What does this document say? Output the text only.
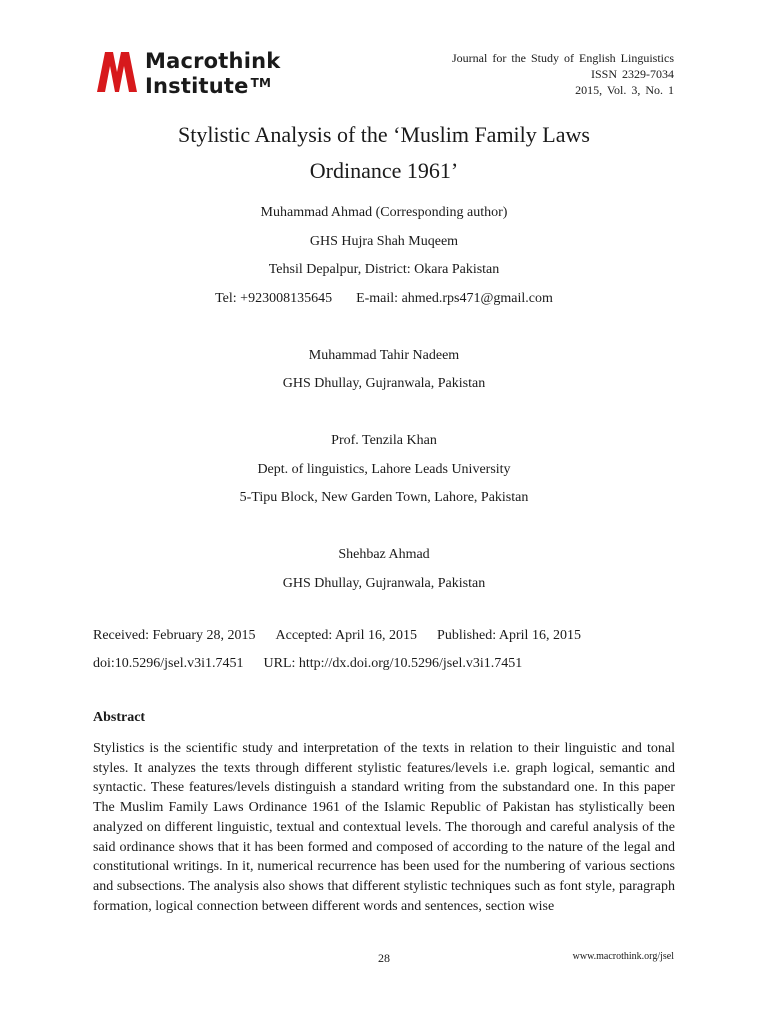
Macrothink
Institute ™
Journal for the Study of English Linguistics
ISSN 2329-7034
2015, Vol. 3, No. 1
Stylistic Analysis of the ‘Muslim Family Laws
Ordinance 1961’
Muhammad Ahmad (Corresponding author)
GHS Hujra Shah Muqeem
Tehsil Depalpur, District: Okara Pakistan
Tel: +923008135645 E-mail: ahmed.rps471@gmail.com
Muhammad Tahir Nadeem
GHS Dhullay, Gujranwala, Pakistan
Prof. Tenzila Khan
Dept. of linguistics, Lahore Leads University
5-Tipu Block, New Garden Town, Lahore, Pakistan
Shehbaz Ahmad
GHS Dhullay, Gujranwala, Pakistan
Received: February 28, 2015 Accepted: April 16, 2015 Published: April 16, 2015
doi:10.5296/jsel.v3i1.7451 URL: http://dx.doi.org/10.5296/jsel.v3i1.7451
Abstract
Stylistics is the scientific study and interpretation of the texts in relation to their linguistic and tonal styles. It analyzes the texts through different stylistic features/levels i.e. graph logical, semantic and syntactic. These features/levels distinguish a standard writing from the substandard one. In this paper The Muslim Family Laws Ordinance 1961 of the Islamic Republic of Pakistan has stylistically been analyzed on different linguistic, textual and contextual levels. The thorough and careful analysis of the said ordinance shows that it has been formed and composed of according to the nature of the legal and constitutional writings. In it, numerical recurrence has been used for the numbering of various sections and subsections. The analysis also shows that different stylistic techniques such as font style, paragraph formation, logical connection between different words and sentences, section wise
28	www.macrothink.org/jsel
